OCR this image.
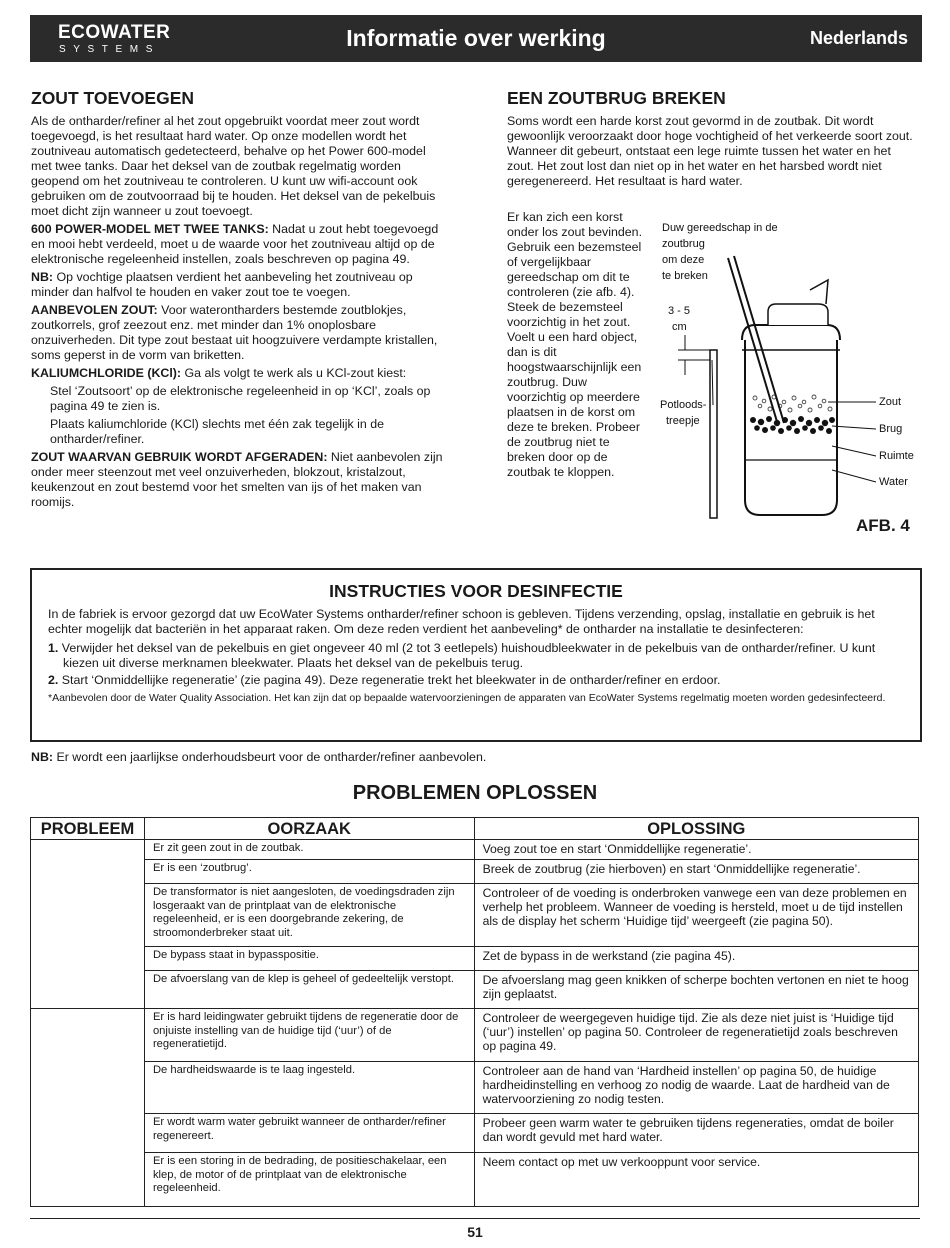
ECOWATER
SYSTEMS	Informatie over werking	Nederlands
ZOUT TOEVOEGEN

Als de ontharder/refiner al het zout opgebruikt voordat meer zout wordt toegevoegd, is het resultaat hard water. Op onze modellen wordt het zoutniveau automatisch gedetecteerd, behalve op het Power 600-model met twee tanks. Daar het deksel van de zoutbak regelmatig worden geopend om het zoutniveau te controleren. U kunt uw wifi-account ook gebruiken om de zoutvoorraad bij te houden. Het deksel van de pekelbuis moet dicht zijn wanneer u zout toevoegt.

600 POWER-MODEL MET TWEE TANKS: Nadat u zout hebt toegevoegd en mooi hebt verdeeld, moet u de waarde voor het zoutniveau altijd op de elektronische regeleenheid instellen, zoals beschreven op pagina 49.

NB: Op vochtige plaatsen verdient het aanbeveling het zoutniveau op minder dan halfvol te houden en vaker zout toe te voegen.

AANBEVOLEN ZOUT: Voor waterontharders bestemde zoutblokjes, zoutkorrels, grof zeezout enz. met minder dan 1% onoplosbare onzuiverheden. Dit type zout bestaat uit hoogzuivere verdampte kristallen, soms geperst in de vorm van briketten.

KALIUMCHLORIDE (KCl): Ga als volgt te werk als u KCl-zout kiest:

Stel ‘Zoutsoort’ op de elektronische regeleenheid in op ‘KCl’, zoals op pagina 49 te zien is.

Plaats kaliumchloride (KCl) slechts met één zak tegelijk in de ontharder/refiner.

ZOUT WAARVAN GEBRUIK WORDT AFGERADEN: Niet aanbevolen zijn onder meer steenzout met veel onzuiverheden, blokzout, kristalzout, keukenzout en zout bestemd voor het smelten van ijs of het maken van roomijs.

EEN ZOUTBRUG BREKEN

Soms wordt een harde korst zout gevormd in de zoutbak. Dit wordt gewoonlijk veroorzaakt door hoge vochtigheid of het verkeerde soort zout. Wanneer dit gebeurt, ontstaat een lege ruimte tussen het water en het zout. Het zout lost dan niet op in het water en het harsbed wordt niet geregenereerd. Het resultaat is hard water.

Er kan zich een korst onder los zout bevinden. Gebruik een bezemsteel of vergelijkbaar gereedschap om dit te controleren (zie afb. 4). Steek de bezemsteel voorzichtig in het zout. Voelt u een hard object, dan is dit hoogstwaarschijnlijk een zoutbrug. Duw voorzichtig op meerdere plaatsen in de korst om deze te breken. Probeer de zoutbrug niet te breken door op de zoutbak te kloppen.
Duw gereedschap in de
zoutbrug
om deze
te breken
3 - 5
cm
Potloods-
treepje
Zout
Brug
Ruimte
Water
AFB. 4
INSTRUCTIES VOOR DESINFECTIE

In de fabriek is ervoor gezorgd dat uw EcoWater Systems ontharder/refiner schoon is gebleven. Tijdens verzending, opslag, installatie en gebruik is het echter mogelijk dat bacteriën in het apparaat raken. Om deze reden verdient het aanbeveling* de ontharder na installatie te desinfecteren:

1. Verwijder het deksel van de pekelbuis en giet ongeveer 40 ml (2 tot 3 eetlepels) huishoudbleekwater in de pekelbuis van de ontharder/refiner. U kunt kiezen uit diverse merknamen bleekwater. Plaats het deksel van de pekelbuis terug.

2. Start ‘Onmiddellijke regeneratie’ (zie pagina 49). Deze regeneratie trekt het bleekwater in de ontharder/refiner en erdoor.

*Aanbevolen door de Water Quality Association. Het kan zijn dat op bepaalde watervoorzieningen de apparaten van EcoWater Systems regelmatig moeten worden gedesinfecteerd.

NB: Er wordt een jaarlijkse onderhoudsbeurt voor de ontharder/refiner aanbevolen.
PROBLEMEN OPLOSSEN
PROBLEEM	OORZAAK	OPLOSSING
	Er zit geen zout in de zoutbak.	Voeg zout toe en start ‘Onmiddellijke regeneratie’.
	Er is een ‘zoutbrug’.	Breek de zoutbrug (zie hierboven) en start ‘Onmiddellijke regeneratie’.
	De transformator is niet aangesloten, de voedingsdraden zijn losgeraakt van de printplaat van de elektronische regeleenheid, er is een doorgebrande zekering, de stroomonderbreker staat uit.	Controleer of de voeding is onderbroken vanwege een van deze problemen en verhelp het probleem. Wanneer de voeding is hersteld, moet u de tijd instellen als de display het scherm ‘Huidige tijd’ weergeeft (zie pagina 50).
	De bypass staat in bypasspositie.	Zet de bypass in de werkstand (zie pagina 45).
	De afvoerslang van de klep is geheel of gedeeltelijk verstopt.	De afvoerslang mag geen knikken of scherpe bochten vertonen en niet te hoog zijn geplaatst.
	Er is hard leidingwater gebruikt tijdens de regeneratie door de onjuiste instelling van de huidige tijd (‘uur’) of de regeneratietijd.	Controleer de weergegeven huidige tijd. Zie als deze niet juist is ‘Huidige tijd (‘uur’) instellen’ op pagina 50. Controleer de regeneratietijd zoals beschreven op pagina 49.
	De hardheidswaarde is te laag ingesteld.	Controleer aan de hand van ‘Hardheid instellen’ op pagina 50, de huidige hardheidinstelling en verhoog zo nodig de waarde. Laat de hardheid van de watervoorziening zo nodig testen.
	Er wordt warm water gebruikt wanneer de ontharder/refiner regenereert.	Probeer geen warm water te gebruiken tijdens regeneraties, omdat de boiler dan wordt gevuld met hard water.
	Er is een storing in de bedrading, de positieschakelaar, een klep, de motor of de printplaat van de elektronische regeleenheid.	Neem contact op met uw verkooppunt voor service.
51
